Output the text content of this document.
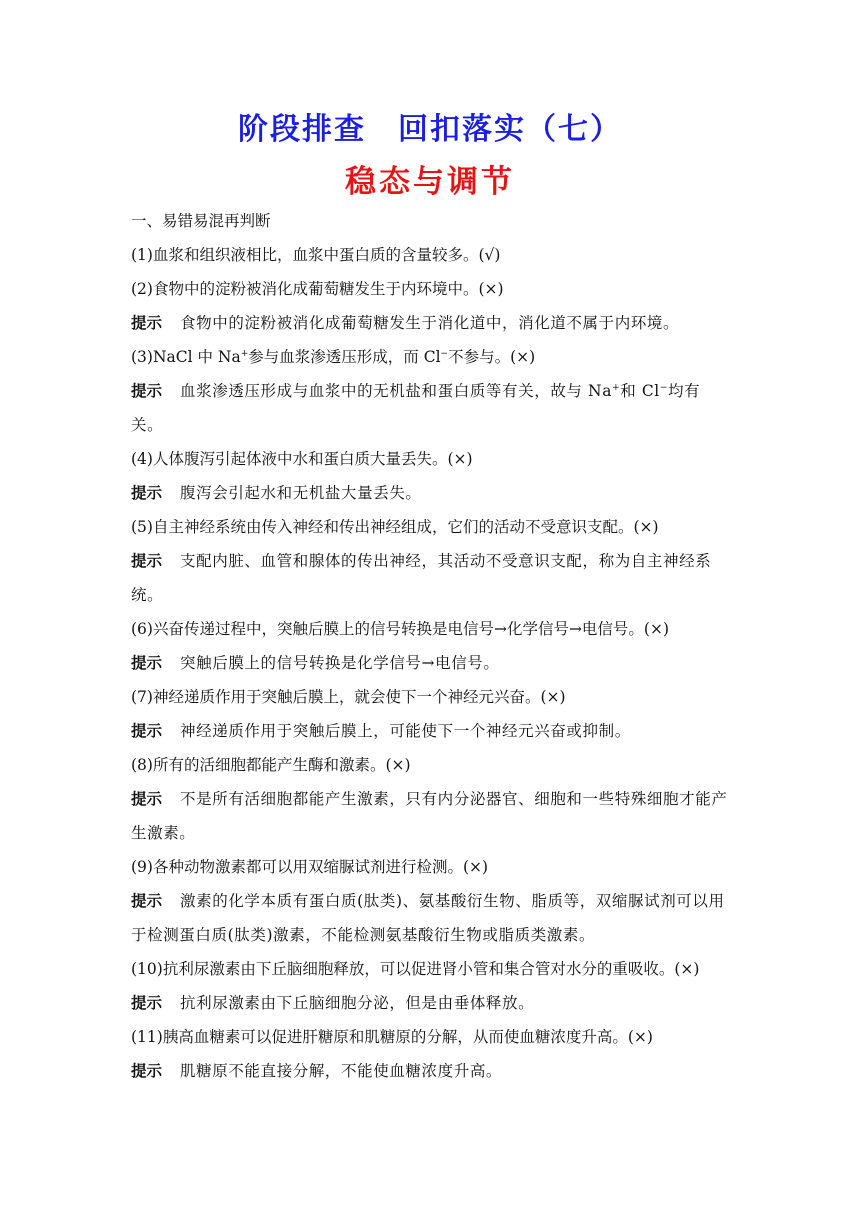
阶段排查　回扣落实（七）
稳态与调节
一、易错易混再判断
(1)血浆和组织液相比，血浆中蛋白质的含量较多。(√)
(2)食物中的淀粉被消化成葡萄糖发生于内环境中。(×)
提示 食物中的淀粉被消化成葡萄糖发生于消化道中，消化道不属于内环境。
(3)NaCl 中 Na+参与血浆渗透压形成，而 Cl−不参与。(×)
提示 血浆渗透压形成与血浆中的无机盐和蛋白质等有关，故与 Na+和 Cl−均有关。
(4)人体腹泻引起体液中水和蛋白质大量丢失。(×)
提示 腹泻会引起水和无机盐大量丢失。
(5)自主神经系统由传入神经和传出神经组成，它们的活动不受意识支配。(×)
提示 支配内脏、血管和腺体的传出神经，其活动不受意识支配，称为自主神经系统。
(6)兴奋传递过程中，突触后膜上的信号转换是电信号→化学信号→电信号。(×)
提示 突触后膜上的信号转换是化学信号→电信号。
(7)神经递质作用于突触后膜上，就会使下一个神经元兴奋。(×)
提示 神经递质作用于突触后膜上，可能使下一个神经元兴奋或抑制。
(8)所有的活细胞都能产生酶和激素。(×)
提示 不是所有活细胞都能产生激素，只有内分泌器官、细胞和一些特殊细胞才能产生激素。
(9)各种动物激素都可以用双缩脲试剂进行检测。(×)
提示 激素的化学本质有蛋白质(肽类)、氨基酸衍生物、脂质等，双缩脲试剂可以用于检测蛋白质(肽类)激素，不能检测氨基酸衍生物或脂质类激素。
(10)抗利尿激素由下丘脑细胞释放，可以促进肾小管和集合管对水分的重吸收。(×)
提示 抗利尿激素由下丘脑细胞分泌，但是由垂体释放。
(11)胰高血糖素可以促进肝糖原和肌糖原的分解，从而使血糖浓度升高。(×)
提示 肌糖原不能直接分解，不能使血糖浓度升高。
